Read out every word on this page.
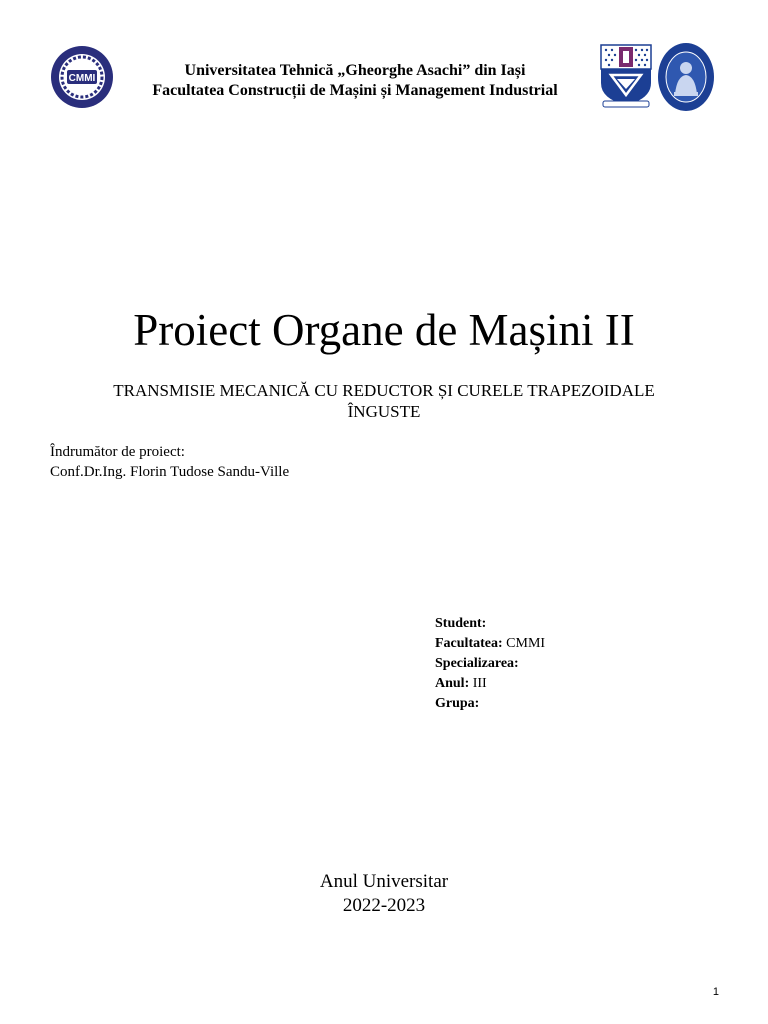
CMMI	Universitatea Tehnică „Gheorghe Asachi” din Iași
Facultatea Construcții de Mașini și Management Industrial
Proiect Organe de Mașini II
TRANSMISIE MECANICĂ CU REDUCTOR ȘI CURELE TRAPEZOIDALE
ÎNGUSTE
Îndrumător de proiect:
Conf.Dr.Ing. Florin Tudose Sandu-Ville
Student:
Facultatea: CMMI
Specializarea:
Anul: III
Grupa:
Anul Universitar
2022-2023
1
